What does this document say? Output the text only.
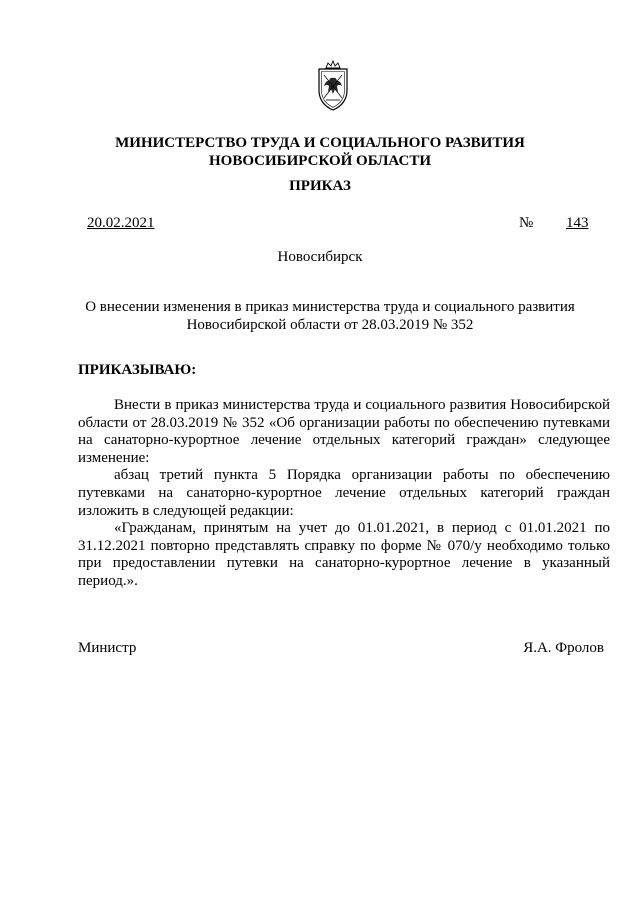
МИНИСТЕРСТВО ТРУДА И СОЦИАЛЬНОГО РАЗВИТИЯ
НОВОСИБИРСКОЙ ОБЛАСТИ
ПРИКАЗ
20.02.2021	№ 143
Новосибирск
О внесении изменения в приказ министерства труда и социального развития
Новосибирской области от 28.03.2019 № 352
ПРИКАЗЫВАЮ:

Внести в приказ министерства труда и социального развития Новосибирской области от 28.03.2019 № 352 «Об организации работы по обеспечению путевками на санаторно-курортное лечение отдельных категорий граждан» следующее изменение:

абзац третий пункта 5 Порядка организации работы по обеспечению путевками на санаторно-курортное лечение отдельных категорий граждан изложить в следующей редакции:

«Гражданам, принятым на учет до 01.01.2021, в период с 01.01.2021 по 31.12.2021 повторно представлять справку по форме № 070/у необходимо только при предоставлении путевки на санаторно-курортное лечение в указанный период.».

Министр	Я.А. Фролов
